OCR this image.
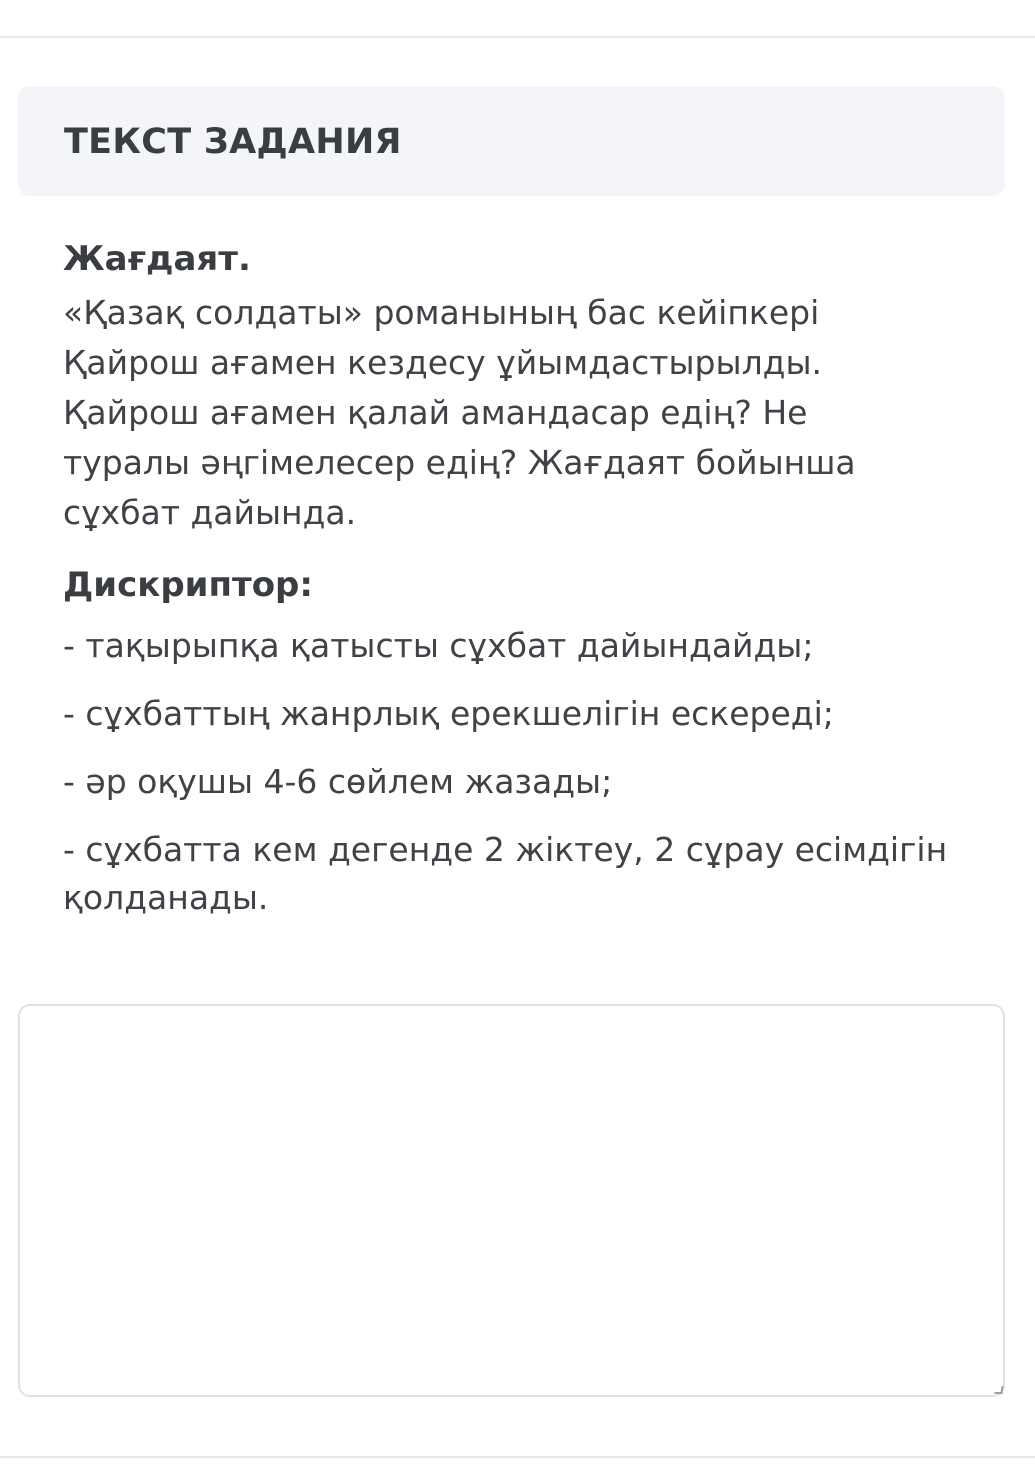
ТЕКСТ ЗАДАНИЯ

Жағдаят.

«Қазақ солдаты» романының бас кейіпкері Қайрош ағамен кездесу ұйымдастырылды. Қайрош ағамен қалай амандасар едің? Не туралы әңгімелесер едің? Жағдаят бойынша сұхбат дайында.

Дискриптор:

- тақырыпқа қатысты сұхбат дайындайды;
- сұхбаттың жанрлық ерекшелігін ескереді;
- әр оқушы 4-6 сөйлем жазады;
- сұхбатта кем дегенде 2 жіктеу, 2 сұрау есімдігін қолданады.
